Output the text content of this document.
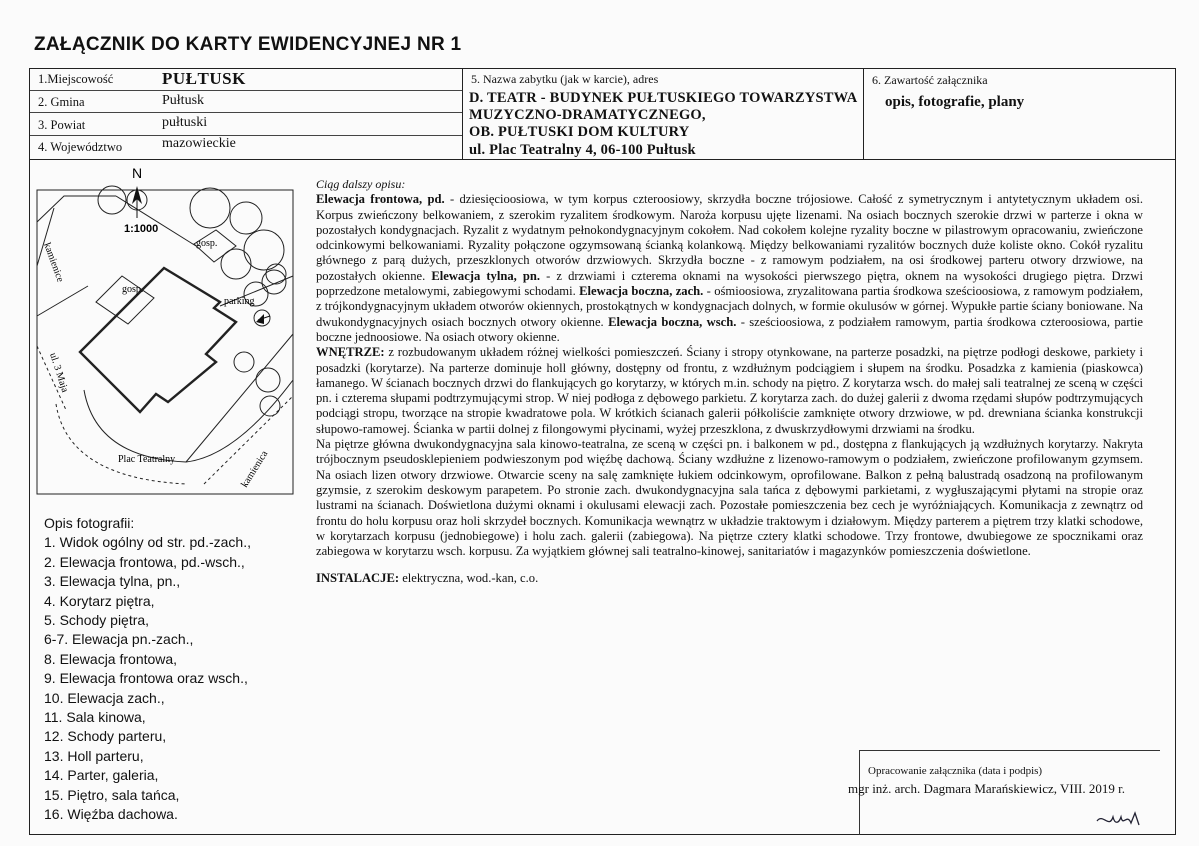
ZAŁĄCZNIK DO KARTY EWIDENCYJNEJ NR 1
1.Miejscowość	PUŁTUSK
2. Gmina	Pułtusk
3. Powiat	pułtuski
4. Województwo	mazowieckie
5. Nazwa zabytku (jak w karcie), adres
D. TEATR - BUDYNEK PUŁTUSKIEGO TOWARZYSTWA
MUZYCZNO-DRAMATYCZNEGO,
OB. PUŁTUSKI DOM KULTURY
ul. Plac Teatralny 4, 06-100 Pułtusk
6. Zawartość załącznika
opis, fotografie, plany
N
1:1000
kamienice	gosp.
gosp.
parking
ul. 3 Maja
Plac Teatralny	kamienica
Opis fotografii:
1. Widok ogólny od str. pd.-zach.,
2. Elewacja frontowa, pd.-wsch.,
3. Elewacja tylna, pn.,
4. Korytarz piętra,
5. Schody piętra,
6-7. Elewacja pn.-zach.,
8. Elewacja frontowa,
9. Elewacja frontowa oraz wsch.,
10. Elewacja zach.,
11. Sala kinowa,
12. Schody parteru,
13. Holl parteru,
14. Parter, galeria,
15. Piętro, sala tańca,
16. Więźba dachowa.

Ciąg dalszy opisu:

Elewacja frontowa, pd. - dziesięcioosiowa, w tym korpus czteroosiowy, skrzydła boczne trójosiowe. Całość z symetrycznym i antytetycznym układem osi. Korpus zwieńczony belkowaniem, z szerokim ryzalitem środkowym. Naroża korpusu ujęte lizenami. Na osiach bocznych szerokie drzwi w parterze i okna w pozostałych kondygnacjach. Ryzalit z wydatnym pełnokondygnacyjnym cokołem. Nad cokołem kolejne ryzality boczne w pilastrowym opracowaniu, zwieńczone odcinkowymi belkowaniami. Ryzality połączone ogzymsowaną ścianką kolankową. Między belkowaniami ryzalitów bocznych duże koliste okno. Cokół ryzalitu głównego z parą dużych, przeszklonych otworów drzwiowych. Skrzydła boczne - z ramowym podziałem, na osi środkowej parteru otwory drzwiowe, na pozostałych okienne. Elewacja tylna, pn. - z drzwiami i czterema oknami na wysokości pierwszego piętra, oknem na wysokości drugiego piętra. Drzwi poprzedzone metalowymi, zabiegowymi schodami. Elewacja boczna, zach. - ośmioosiowa, zryzalitowana partia środkowa sześcioosiowa, z ramowym podziałem, z trójkondygnacyjnym układem otworów okiennych, prostokątnych w kondygnacjach dolnych, w formie okulusów w górnej. Wypukłe partie ściany boniowane. Na dwukondygnacyjnych osiach bocznych otwory okienne. Elewacja boczna, wsch. - sześcioosiowa, z podziałem ramowym, partia środkowa czteroosiowa, partie boczne jednoosiowe. Na osiach otwory okienne.

WNĘTRZE: z rozbudowanym układem różnej wielkości pomieszczeń. Ściany i stropy otynkowane, na parterze posadzki, na piętrze podłogi deskowe, parkiety i posadzki (korytarze). Na parterze dominuje holl główny, dostępny od frontu, z wzdłużnym podciągiem i słupem na środku. Posadzka z kamienia (piaskowca) łamanego. W ścianach bocznych drzwi do flankujących go korytarzy, w których m.in. schody na piętro. Z korytarza wsch. do małej sali teatralnej ze sceną w części pn. i czterema słupami podtrzymującymi strop. W niej podłoga z dębowego parkietu. Z korytarza zach. do dużej galerii z dwoma rzędami słupów podtrzymujących podciągi stropu, tworzące na stropie kwadratowe pola. W krótkich ścianach galerii półkoliście zamknięte otwory drzwiowe, w pd. drewniana ścianka konstrukcji słupowo-ramowej. Ścianka w partii dolnej z filongowymi płycinami, wyżej przeszklona, z dwuskrzydłowymi drzwiami na środku.

Na piętrze główna dwukondygnacyjna sala kinowo-teatralna, ze sceną w części pn. i balkonem w pd., dostępna z flankujących ją wzdłużnych korytarzy. Nakryta trójbocznym pseudosklepieniem podwieszonym pod więźbę dachową. Ściany wzdłużne z lizenowo-ramowym o podziałem, zwieńczone profilowanym gzymsem. Na osiach lizen otwory drzwiowe. Otwarcie sceny na salę zamknięte łukiem odcinkowym, oprofilowane. Balkon z pełną balustradą osadzoną na profilowanym gzymsie, z szerokim deskowym parapetem. Po stronie zach. dwukondygnacyjna sala tańca z dębowymi parkietami, z wygłuszającymi płytami na stropie oraz lustrami na ścianach. Doświetlona dużymi oknami i okulusami elewacji zach. Pozostałe pomieszczenia bez cech je wyróżniających. Komunikacja z zewnątrz od frontu do holu korpusu oraz holi skrzydeł bocznych. Komunikacja wewnątrz w układzie traktowym i działowym. Między parterem a piętrem trzy klatki schodowe, w korytarzach korpusu (jednobiegowe) i holu zach. galerii (zabiegowa). Na piętrze cztery klatki schodowe. Trzy frontowe, dwubiegowe ze spocznikami oraz zabiegowa w korytarzu wsch. korpusu. Za wyjątkiem głównej sali teatralno-kinowej, sanitariatów i magazynków pomieszczenia doświetlone.

INSTALACJE: elektryczna, wod.-kan, c.o.

Opracowanie załącznika (data i podpis)
mgr inż. arch. Dagmara Marańskiewicz, VIII. 2019 r.
